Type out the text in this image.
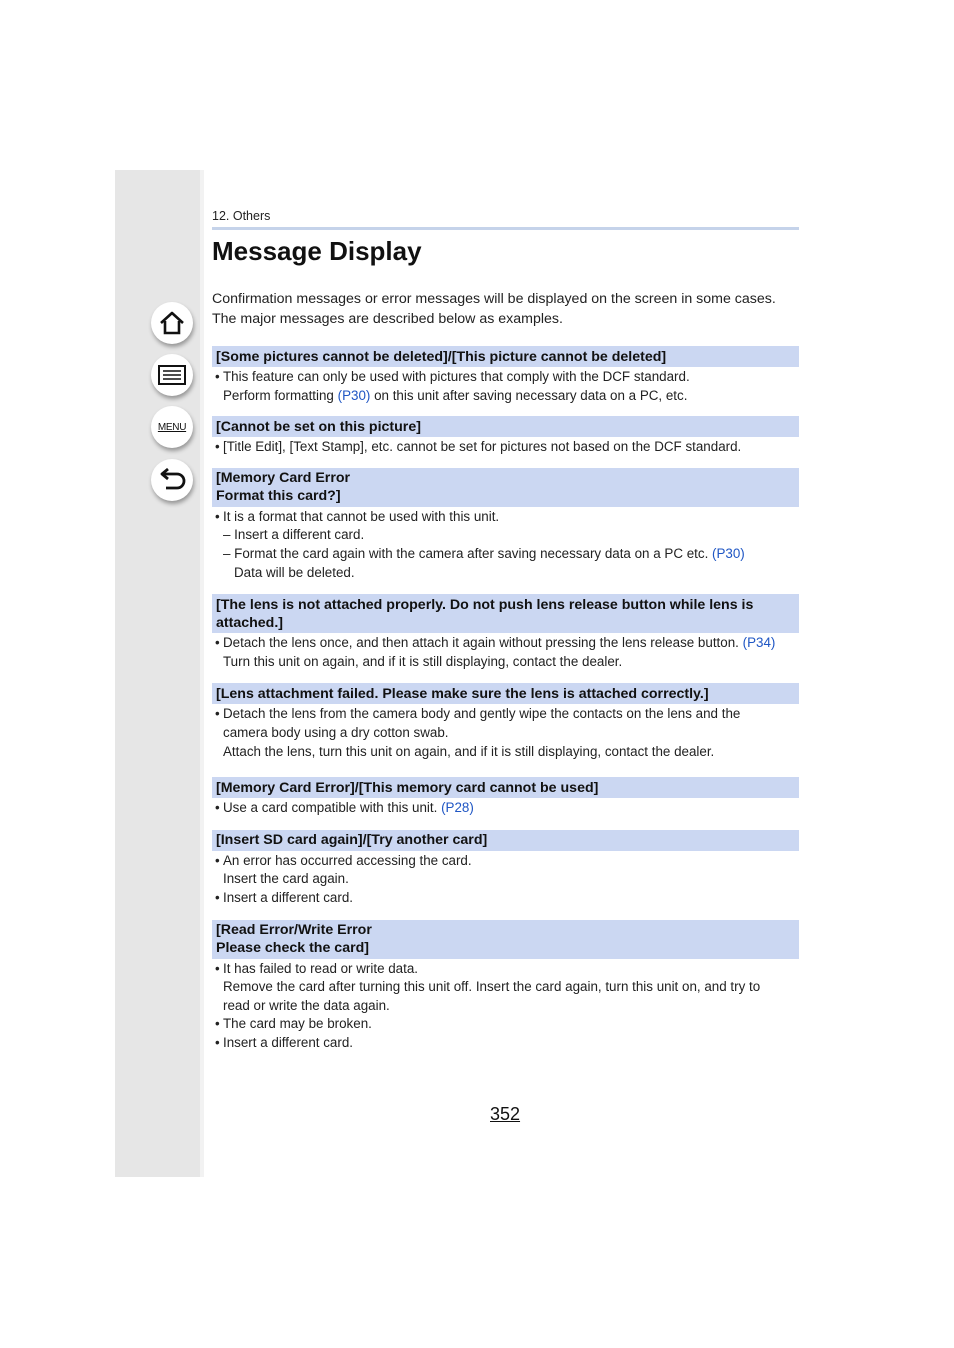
MENU
12. Others
Message Display

Confirmation messages or error messages will be displayed on the screen in some cases.
The major messages are described below as examples.

[Some pictures cannot be deleted]/[This picture cannot be deleted]
• This feature can only be used with pictures that comply with the DCF standard.
Perform formatting (P30) on this unit after saving necessary data on a PC, etc.
[Cannot be set on this picture]
• [Title Edit], [Text Stamp], etc. cannot be set for pictures not based on the DCF standard.
[Memory Card Error
Format this card?]
• It is a format that cannot be used with this unit.
– Insert a different card.
– Format the card again with the camera after saving necessary data on a PC etc. (P30)
Data will be deleted.
[The lens is not attached properly. Do not push lens release button while lens is
attached.]
• Detach the lens once, and then attach it again without pressing the lens release button. (P34)
Turn this unit on again, and if it is still displaying, contact the dealer.
[Lens attachment failed. Please make sure the lens is attached correctly.]
• Detach the lens from the camera body and gently wipe the contacts on the lens and the
camera body using a dry cotton swab.
Attach the lens, turn this unit on again, and if it is still displaying, contact the dealer.
[Memory Card Error]/[This memory card cannot be used]
• Use a card compatible with this unit. (P28)
[Insert SD card again]/[Try another card]
• An error has occurred accessing the card.
Insert the card again.
• Insert a different card.
[Read Error/Write Error
Please check the card]
• It has failed to read or write data.
Remove the card after turning this unit off. Insert the card again, turn this unit on, and try to
read or write the data again.
• The card may be broken.
• Insert a different card.
352
